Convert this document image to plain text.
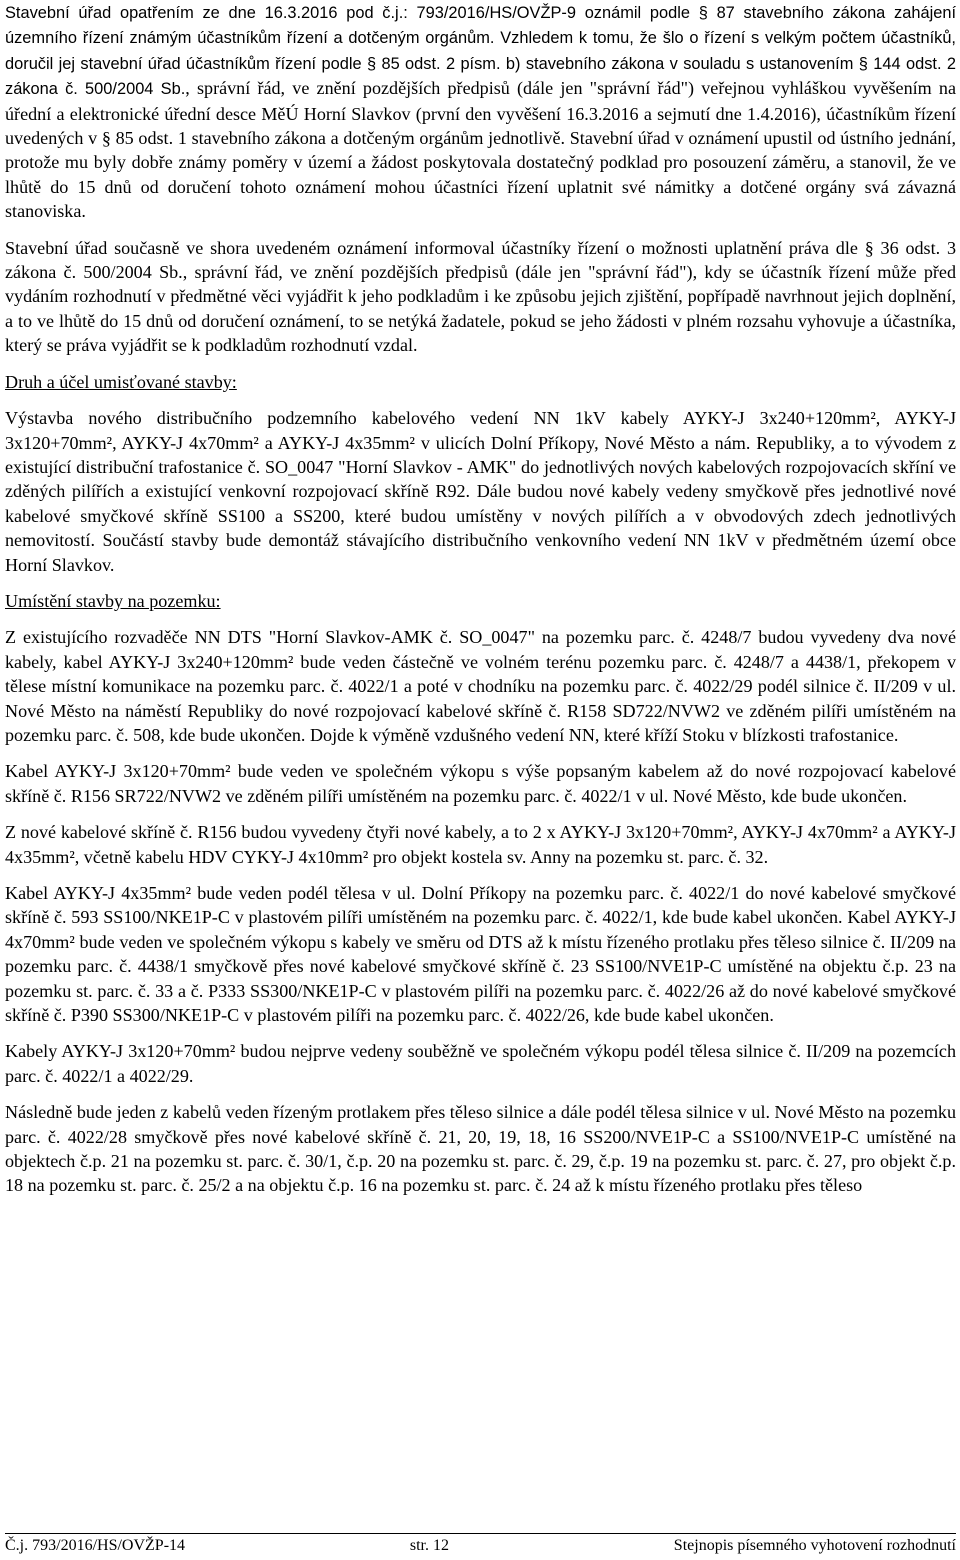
Stavební úřad opatřením ze dne 16.3.2016 pod č.j.: 793/2016/HS/OVŽP-9 oznámil podle § 87 stavebního zákona zahájení územního řízení známým účastníkům řízení a dotčeným orgánům. Vzhledem k tomu, že šlo o řízení s velkým počtem účastníků, doručil jej stavební úřad účastníkům řízení podle § 85 odst. 2 písm. b) stavebního zákona v souladu s ustanovením § 144 odst. 2 zákona č. 500/2004 Sb., správní řád, ve znění pozdějších předpisů (dále jen "správní řád") veřejnou vyhláškou vyvěšením na úřední a elektronické úřední desce MěÚ Horní Slavkov (první den vyvěšení 16.3.2016 a sejmutí dne 1.4.2016), účastníkům řízení uvedených v § 85 odst. 1 stavebního zákona a dotčeným orgánům jednotlivě. Stavební úřad v oznámení upustil od ústního jednání, protože mu byly dobře známy poměry v území a žádost poskytovala dostatečný podklad pro posouzení záměru, a stanovil, že ve lhůtě do 15 dnů od doručení tohoto oznámení mohou účastníci řízení uplatnit své námitky a dotčené orgány svá závazná stanoviska.

Stavební úřad současně ve shora uvedeném oznámení informoval účastníky řízení o možnosti uplatnění práva dle § 36 odst. 3 zákona č. 500/2004 Sb., správní řád, ve znění pozdějších předpisů (dále jen "správní řád"), kdy se účastník řízení může před vydáním rozhodnutí v předmětné věci vyjádřit k jeho podkladům i ke způsobu jejich zjištění, popřípadě navrhnout jejich doplnění, a to ve lhůtě do 15 dnů od doručení oznámení, to se netýká žadatele, pokud se jeho žádosti v plném rozsahu vyhovuje a účastníka, který se práva vyjádřit se k podkladům rozhodnutí vzdal.

Druh a účel umisťované stavby:

Výstavba nového distribučního podzemního kabelového vedení NN 1kV kabely AYKY-J 3x240+120mm², AYKY-J 3x120+70mm², AYKY-J 4x70mm² a AYKY-J 4x35mm² v ulicích Dolní Příkopy, Nové Město a nám. Republiky, a to vývodem z existující distribuční trafostanice č. SO_0047 "Horní Slavkov - AMK" do jednotlivých nových kabelových rozpojovacích skříní ve zděných pilířích a existující venkovní rozpojovací skříně R92. Dále budou nové kabely vedeny smyčkově přes jednotlivé nové kabelové smyčkové skříně SS100 a SS200, které budou umístěny v nových pilířích a v obvodových zdech jednotlivých nemovitostí. Součástí stavby bude demontáž stávajícího distribučního venkovního vedení NN 1kV v předmětném území obce Horní Slavkov.

Umístění stavby na pozemku:

Z existujícího rozvaděče NN DTS "Horní Slavkov-AMK č. SO_0047" na pozemku parc. č. 4248/7 budou vyvedeny dva nové kabely, kabel AYKY-J 3x240+120mm² bude veden částečně ve volném terénu pozemku parc. č. 4248/7 a 4438/1, překopem v tělese místní komunikace na pozemku parc. č. 4022/1 a poté v chodníku na pozemku parc. č. 4022/29 podél silnice č. II/209 v ul. Nové Město na náměstí Republiky do nové rozpojovací kabelové skříně č. R158 SD722/NVW2 ve zděném pilíři umístěném na pozemku parc. č. 508, kde bude ukončen. Dojde k výměně vzdušného vedení NN, které kříží Stoku v blízkosti trafostanice.

Kabel AYKY-J 3x120+70mm² bude veden ve společném výkopu s výše popsaným kabelem až do nové rozpojovací kabelové skříně č. R156 SR722/NVW2 ve zděném pilíři umístěném na pozemku parc. č. 4022/1 v ul. Nové Město, kde bude ukončen.

Z nové kabelové skříně č. R156 budou vyvedeny čtyři nové kabely, a to 2 x AYKY-J 3x120+70mm², AYKY-J 4x70mm² a AYKY-J 4x35mm², včetně kabelu HDV CYKY-J 4x10mm² pro objekt kostela sv. Anny na pozemku st. parc. č. 32.

Kabel AYKY-J 4x35mm² bude veden podél tělesa v ul. Dolní Příkopy na pozemku parc. č. 4022/1 do nové kabelové smyčkové skříně č. 593 SS100/NKE1P-C v plastovém pilíři umístěném na pozemku parc. č. 4022/1, kde bude kabel ukončen. Kabel AYKY-J 4x70mm² bude veden ve společném výkopu s kabely ve směru od DTS až k místu řízeného protlaku přes těleso silnice č. II/209 na pozemku parc. č. 4438/1 smyčkově přes nové kabelové smyčkové skříně č. 23 SS100/NVE1P-C umístěné na objektu č.p. 23 na pozemku st. parc. č. 33 a č. P333 SS300/NKE1P-C v plastovém pilíři na pozemku parc. č. 4022/26 až do nové kabelové smyčkové skříně č. P390 SS300/NKE1P-C v plastovém pilíři na pozemku parc. č. 4022/26, kde bude kabel ukončen.

Kabely AYKY-J 3x120+70mm² budou nejprve vedeny souběžně ve společném výkopu podél tělesa silnice č. II/209 na pozemcích parc. č. 4022/1 a 4022/29.

Následně bude jeden z kabelů veden řízeným protlakem přes těleso silnice a dále podél tělesa silnice v ul. Nové Město na pozemku parc. č. 4022/28 smyčkově přes nové kabelové skříně č. 21, 20, 19, 18, 16 SS200/NVE1P-C a SS100/NVE1P-C umístěné na objektech č.p. 21 na pozemku st. parc. č. 30/1, č.p. 20 na pozemku st. parc. č. 29, č.p. 19 na pozemku st. parc. č. 27, pro objekt č.p. 18 na pozemku st. parc. č. 25/2 a na objektu č.p. 16 na pozemku st. parc. č. 24 až k místu řízeného protlaku přes těleso

Č.j. 793/2016/HS/OVŽP-14	str. 12	Stejnopis písemného vyhotovení rozhodnutí
